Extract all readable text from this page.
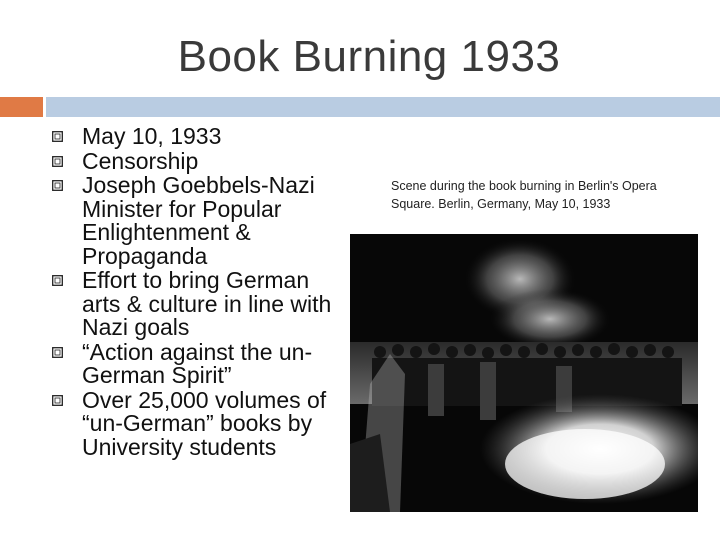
Book Burning 1933
May 10, 1933
Censorship
Joseph Goebbels-Nazi Minister for Popular Enlightenment & Propaganda
Effort to bring German arts & culture in line with Nazi goals
“Action against the un-German Spirit”
Over 25,000 volumes of “un-German” books by University students
Scene during the book burning in Berlin's Opera Square. Berlin, Germany, May 10, 1933
